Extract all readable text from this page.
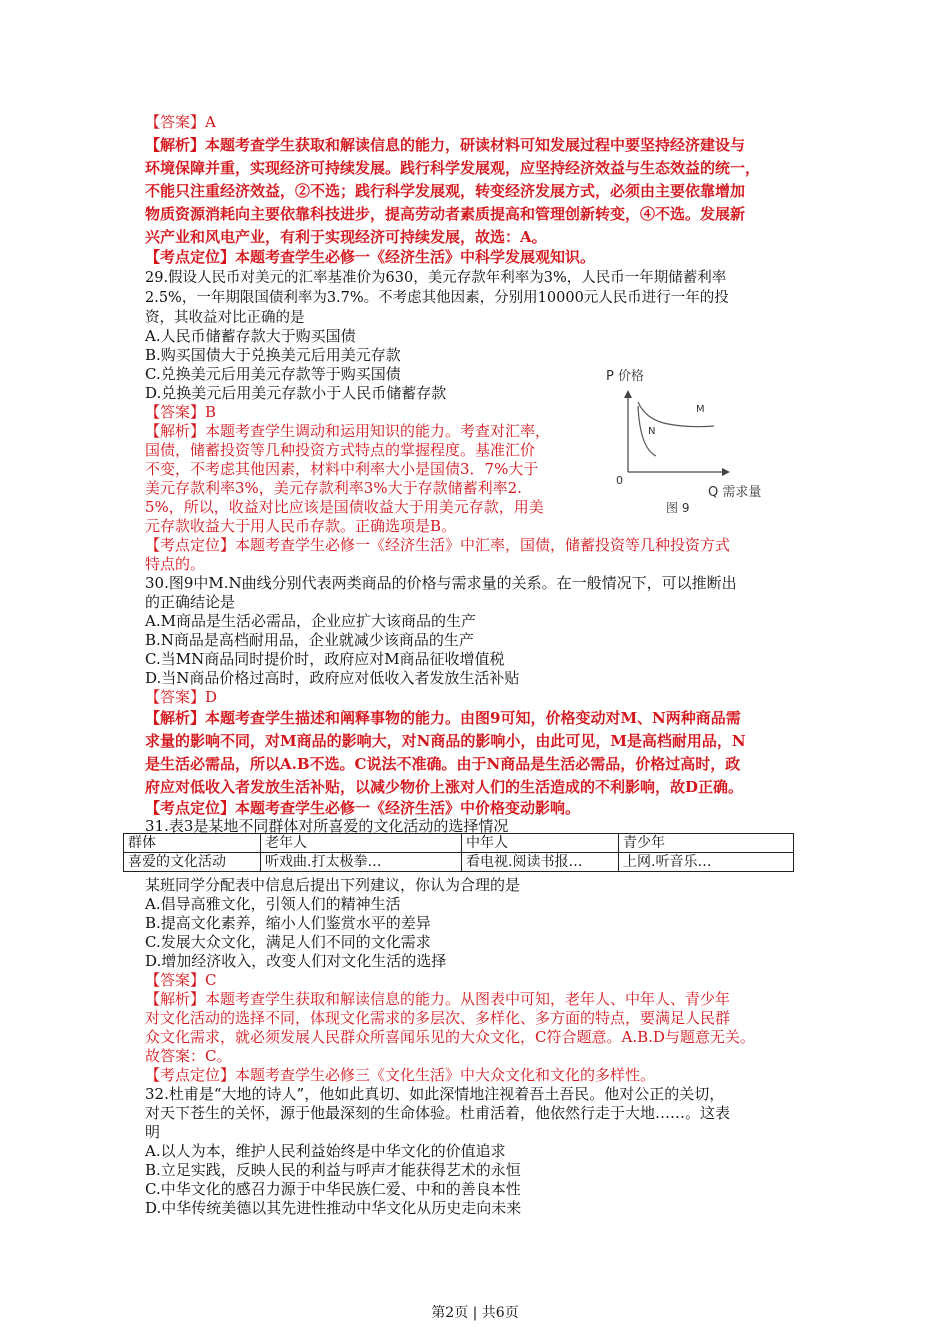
【答案】A
【解析】本题考查学生获取和解读信息的能力，研读材料可知发展过程中要坚持经济建设与
环境保障并重，实现经济可持续发展。践行科学发展观，应坚持经济效益与生态效益的统一，
不能只注重经济效益，②不选；践行科学发展观，转变经济发展方式，必须由主要依靠增加
物质资源消耗向主要依靠科技进步，提高劳动者素质提高和管理创新转变，④不选。发展新
兴产业和风电产业，有利于实现经济可持续发展，故选：A。
【考点定位】本题考查学生必修一《经济生活》中科学发展观知识。
29.假设人民币对美元的汇率基准价为630，美元存款年利率为3%，人民币一年期储蓄利率
2.5%，一年期限国债利率为3.7%。不考虑其他因素，分别用10000元人民币进行一年的投
资，其收益对比正确的是
A.人民币储蓄存款大于购买国债
B.购买国债大于兑换美元后用美元存款
C.兑换美元后用美元存款等于购买国债
D.兑换美元后用美元存款小于人民币储蓄存款
【答案】B
【解析】本题考查学生调动和运用知识的能力。考查对汇率，
国债，储蓄投资等几种投资方式特点的掌握程度。基准汇价
不变，不考虑其他因素，材料中利率大小是国债3．7%大于
美元存款利率3%，美元存款利率3%大于存款储蓄利率2.
5%，所以，收益对比应该是国债收益大于用美元存款，用美
元存款收益大于用人民币存款。正确选项是B。
【考点定位】本题考查学生必修一《经济生活》中汇率，国债，储蓄投资等几种投资方式
特点的。
P 价格
M
N
0
Q 需求量
图 9
30.图9中M.N曲线分别代表两类商品的价格与需求量的关系。在一般情况下，可以推断出
的正确结论是
A.M商品是生活必需品，企业应扩大该商品的生产
B.N商品是高档耐用品，企业就减少该商品的生产
C.当MN商品同时提价时，政府应对M商品征收增值税
D.当N商品价格过高时，政府应对低收入者发放生活补贴
【答案】D
【解析】本题考查学生描述和阐释事物的能力。由图9可知，价格变动对M、N两种商品需
求量的影响不同，对M商品的影响大，对N商品的影响小，由此可见，M是高档耐用品，N
是生活必需品，所以A.B不选。C说法不准确。由于N商品是生活必需品，价格过高时，政
府应对低收入者发放生活补贴，以减少物价上涨对人们的生活造成的不利影响，故D正确。
【考点定位】本题考查学生必修一《经济生活》中价格变动影响。
31.表3是某地不同群体对所喜爱的文化活动的选择情况
群体	老年人	中年人	青少年
喜爱的文化活动	听戏曲.打太极拳…	看电视.阅读书报…	上网.听音乐…
某班同学分配表中信息后提出下列建议，你认为合理的是
A.倡导高雅文化，引领人们的精神生活
B.提高文化素养，缩小人们鉴赏水平的差异
C.发展大众文化，满足人们不同的文化需求
D.增加经济收入，改变人们对文化生活的选择
【答案】C
【解析】本题考查学生获取和解读信息的能力。从图表中可知，老年人、中年人、青少年
对文化活动的选择不同，体现文化需求的多层次、多样化、多方面的特点，要满足人民群
众文化需求，就必须发展人民群众所喜闻乐见的大众文化，C符合题意。A.B.D与题意无关。
故答案：C。
【考点定位】本题考查学生必修三《文化生活》中大众文化和文化的多样性。
32.杜甫是“大地的诗人”，他如此真切、如此深情地注视着吾土吾民。他对公正的关切，
对天下苍生的关怀，源于他最深刻的生命体验。杜甫活着，他依然行走于大地……。这表
明
A.以人为本，维护人民利益始终是中华文化的价值追求
B.立足实践，反映人民的利益与呼声才能获得艺术的永恒
C.中华文化的感召力源于中华民族仁爱、中和的善良本性
D.中华传统美德以其先进性推动中华文化从历史走向未来
第2页 | 共6页
